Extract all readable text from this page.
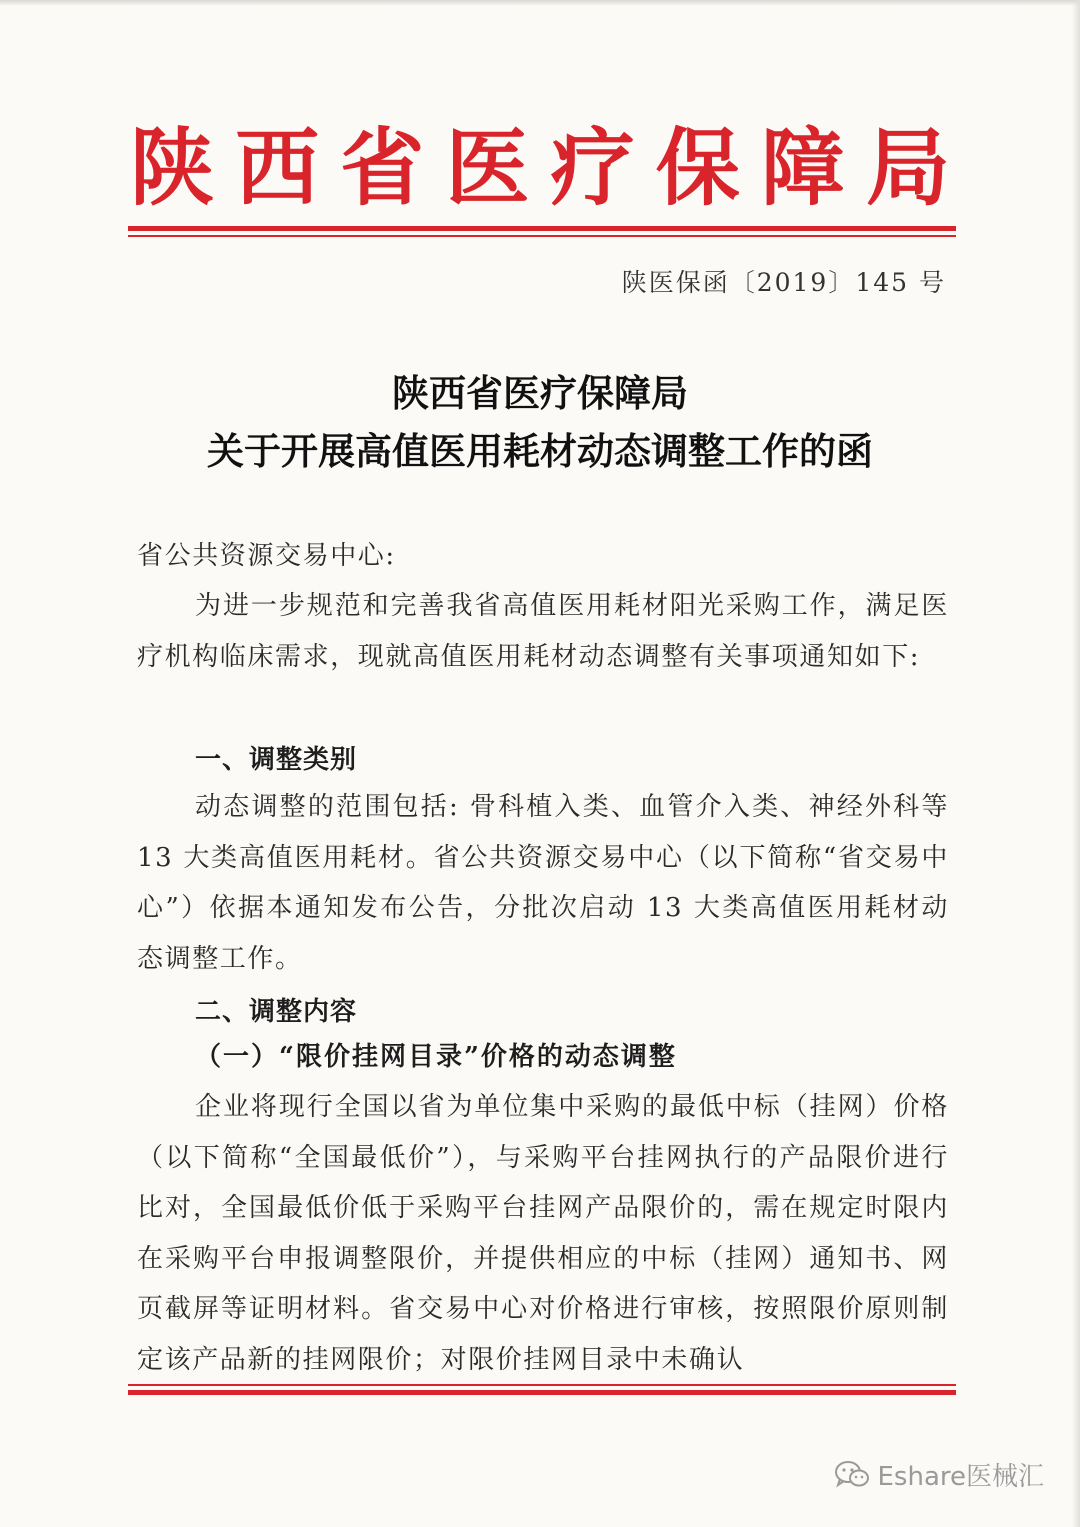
陕 西 省 医 疗 保 障 局
陕医保函〔2019〕145 号
陕西省医疗保障局
关于开展高值医用耗材动态调整工作的函
省公共资源交易中心:
为进一步规范和完善我省高值医用耗材阳光采购工作，满足医疗机构临床需求，现就高值医用耗材动态调整有关事项通知如下:
一、调整类别
动态调整的范围包括: 骨科植入类、血管介入类、神经外科等 13 大类高值医用耗材。省公共资源交易中心（以下简称“省交易中心”）依据本通知发布公告，分批次启动 13 大类高值医用耗材动态调整工作。
二、调整内容
（一）“限价挂网目录”价格的动态调整
企业将现行全国以省为单位集中采购的最低中标（挂网）价格（以下简称“全国最低价”），与采购平台挂网执行的产品限价进行比对，全国最低价低于采购平台挂网产品限价的，需在规定时限内在采购平台申报调整限价，并提供相应的中标（挂网）通知书、网页截屏等证明材料。省交易中心对价格进行审核，按照限价原则制定该产品新的挂网限价；对限价挂网目录中未确认
Eshare医械汇
